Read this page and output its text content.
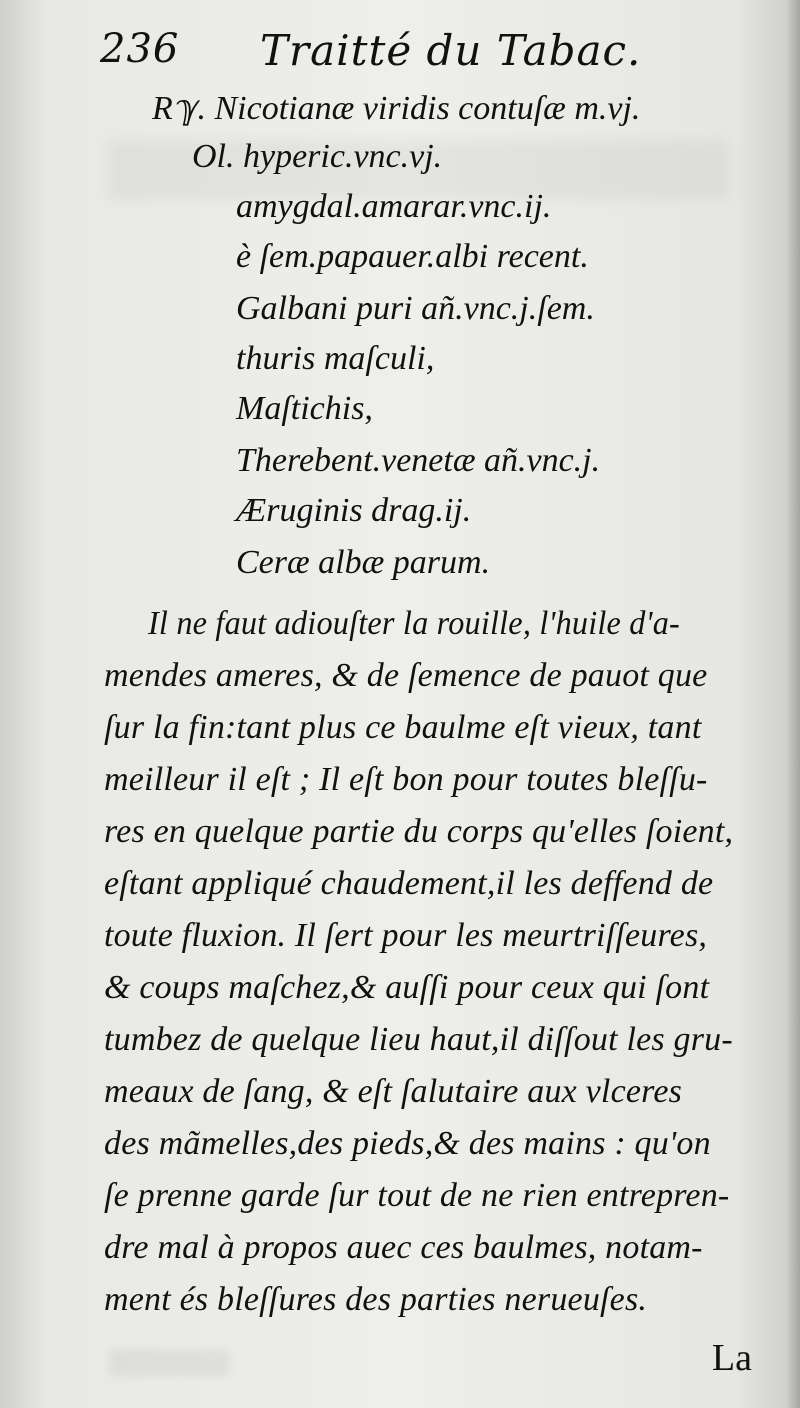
236 Traitté du Tabac.
Rℽ. Nicotianæ viridis contuſæ m.vj.
Ol. hyperic.vnc.vj.
amygdal.amarar.vnc.ij.
è ſem.papauer.albi recent.
Galbani puri añ.vnc.j.ſem.
thuris maſculi,
Maſtichis,
Therebent.venetæ añ.vnc.j.
Æruginis drag.ij.
Ceræ albæ parum.
Il ne faut adiouſter la rouille, l'huile d'a-
mendes ameres, & de ſemence de pauot que
ſur la fin:tant plus ce baulme eſt vieux, tant
meilleur il eſt ; Il eſt bon pour toutes bleſſu-
res en quelque partie du corps qu'elles ſoient,
eſtant appliqué chaudement,il les deffend de
toute fluxion. Il ſert pour les meurtriſſeures,
& coups maſchez,& auſſi pour ceux qui ſont
tumbez de quelque lieu haut,il diſſout les gru-
meaux de ſang, & eſt ſalutaire aux vlceres
des mãmelles,des pieds,& des mains : qu'on
ſe prenne garde ſur tout de ne rien entrepren-
dre mal à propos auec ces baulmes, notam-
ment és bleſſures des parties nerueuſes.
La
